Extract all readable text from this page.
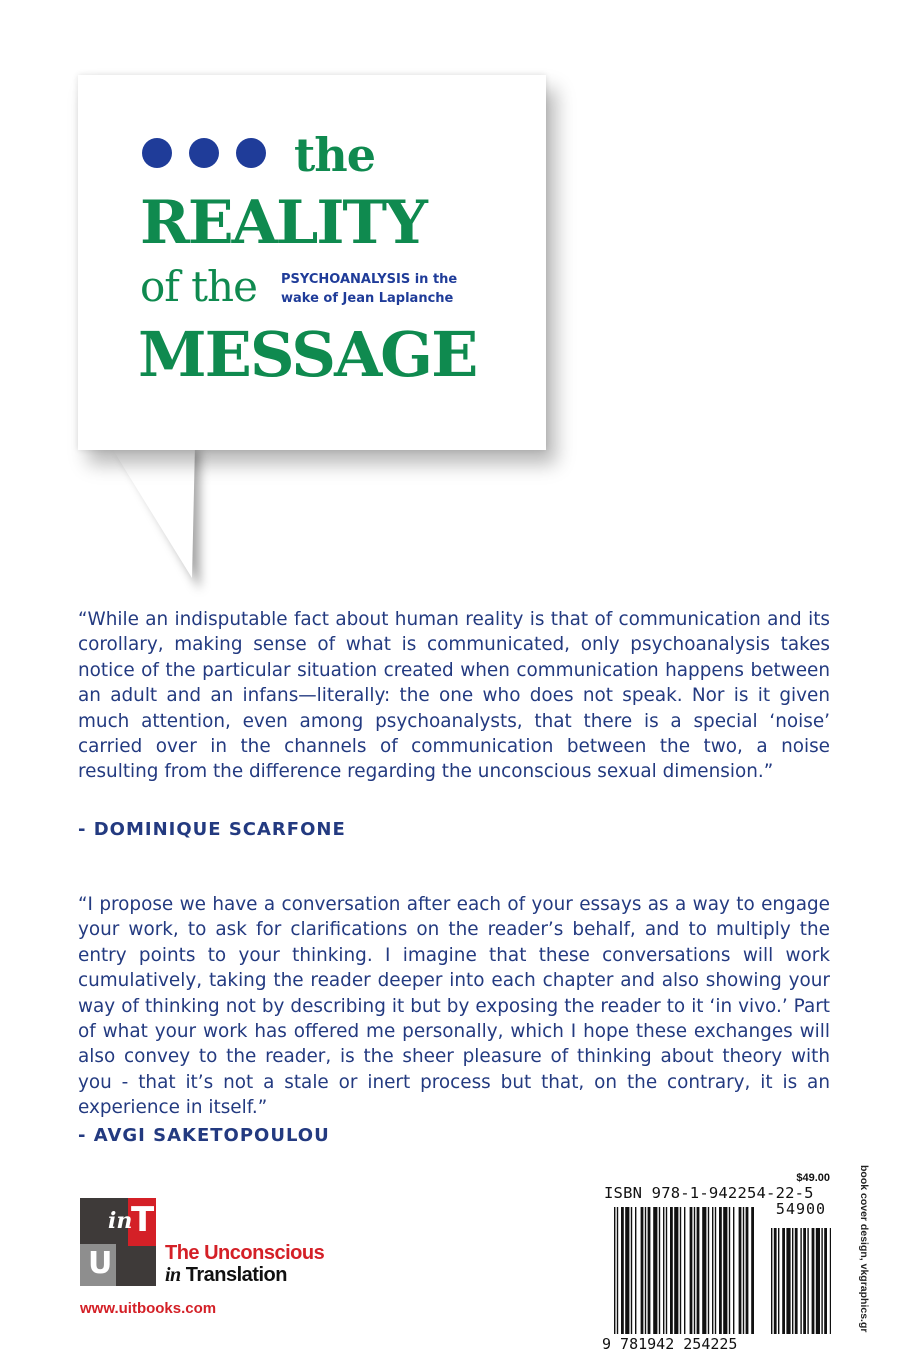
the
REALITY
of the PSYCHOANALYSIS in the
wake of Jean Laplanche
MESSAGE

“While an indisputable fact about human reality is that of communication and its corollary, making sense of what is communicated, only psychoanalysis takes notice of the particular situation created when communication happens between an adult and an infans—literally: the one who does not speak. Nor is it given much attention, even among psychoanalysts, that there is a special ‘noise’ carried over in the channels of communication between the two, a noise resulting from the difference regarding the unconscious sexual dimension.”

- DOMINIQUE SCARFONE

“I propose we have a conversation after each of your essays as a way to engage your work, to ask for clarifications on the reader’s behalf, and to multiply the entry points to your thinking. I imagine that these conversations will work cumulatively, taking the reader deeper into each chapter and also showing your way of thinking not by describing it but by exposing the reader to it ‘in vivo.’ Part of what your work has offered me personally, which I hope these exchanges will also convey to the reader, is the sheer pleasure of thinking about theory with you - that it’s not a stale or inert process but that, on the contrary, it is an experience in itself.”

- AVGI SAKETOPOULOU
in
T
U	The Unconscious
in Translation
www.uitbooks.com
$49.00
ISBN 978-1-942254-22-5
54900
9 781942 254225
book cover design, vkgraphics.gr
